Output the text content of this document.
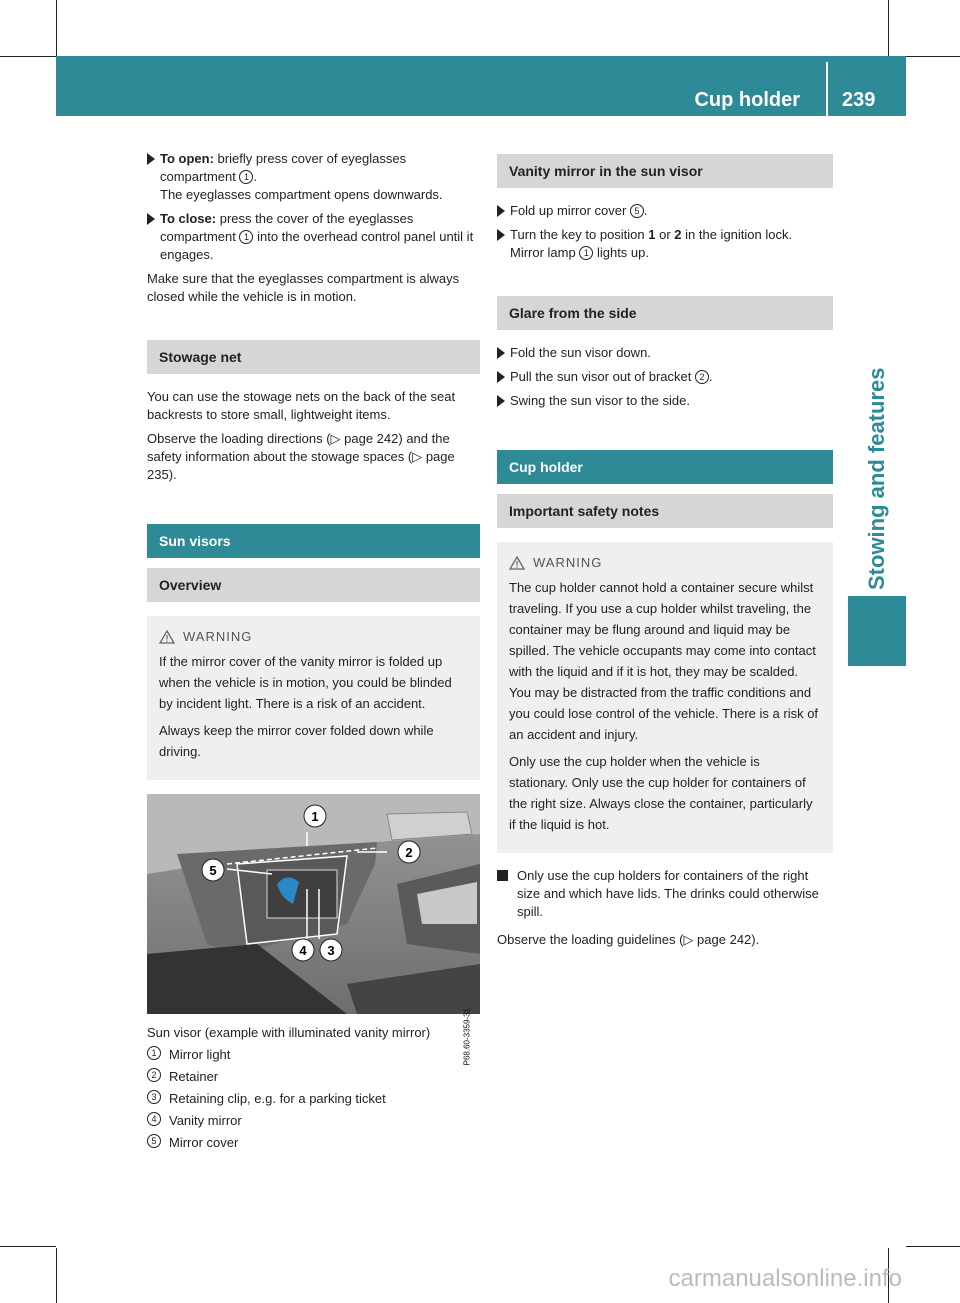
Cup holder 239
Stowing and features

To open: briefly press cover of eyeglasses compartment 1 .
The eyeglasses compartment opens downwards.

To close: press the cover of the eyeglasses compartment 1 into the overhead control panel until it engages.

Make sure that the eyeglasses compartment is always closed while the vehicle is in motion.

Stowage net

You can use the stowage nets on the back of the seat backrests to store small, lightweight items.

Observe the loading directions (▷ page 242) and the safety information about the stowage spaces (▷ page 235).

Sun visors
Overview
WARNING

If the mirror cover of the vanity mirror is folded up when the vehicle is in motion, you could be blinded by incident light. There is a risk of an accident.

Always keep the mirror cover folded down while driving.

1
2
3
4
5
P68.60-3359-31

Sun visor (example with illuminated vanity mirror)

1 Mirror light
2 Retainer
3 Retaining clip, e.g. for a parking ticket
4 Vanity mirror
5 Mirror cover
Vanity mirror in the sun visor

Fold up mirror cover 5 .

Turn the key to position 1 or 2 in the ignition lock.
Mirror lamp 1 lights up.

Glare from the side

Fold the sun visor down.

Pull the sun visor out of bracket 2 .

Swing the sun visor to the side.

Cup holder
Important safety notes
WARNING

The cup holder cannot hold a container secure whilst traveling. If you use a cup holder whilst traveling, the container may be flung around and liquid may be spilled. The vehicle occupants may come into contact with the liquid and if it is hot, they may be scalded. You may be distracted from the traffic conditions and you could lose control of the vehicle. There is a risk of an accident and injury.

Only use the cup holder when the vehicle is stationary. Only use the cup holder for containers of the right size. Always close the container, particularly if the liquid is hot.

Only use the cup holders for containers of the right size and which have lids. The drinks could otherwise spill.

Observe the loading guidelines (▷ page 242).

carmanualsonline.info
